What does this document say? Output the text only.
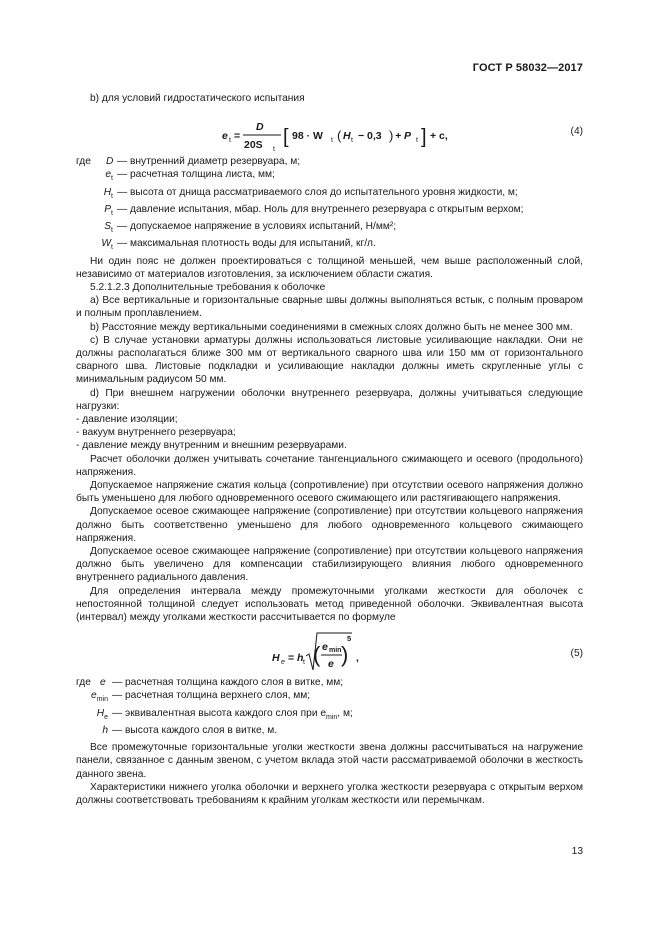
ГОСТ Р 58032—2017

b) для условий гидростатического испытания

e t =
D
20S t
[ 98 · W t ( H t − 0,3 ) + P t ] + c,	(4)
где	D — внутренний диаметр резервуара, м;
$e_t$ — расчетная толщина листа, мм;
$H_t$ — высота от днища рассматриваемого слоя до испытательного уровня жидкости, м;
$P_t$ — давление испытания, мбар. Ноль для внутреннего резервуара с открытым верхом;
$S_t$ — допускаемое напряжение в условиях испытаний, Н/мм²;
$W_t$ — максимальная плотность воды для испытаний, кг/л.

Ни один пояс не должен проектироваться с толщиной меньшей, чем выше расположенный слой, независимо от материалов изготовления, за исключением области сжатия.

5.2.1.2.3 Дополнительные требования к оболочке

a) Все вертикальные и горизонтальные сварные швы должны выполняться встык, с полным проваром и полным проплавлением.

b) Расстояние между вертикальными соединениями в смежных слоях должно быть не менее 300 мм.

c) В случае установки арматуры должны использоваться листовые усиливающие накладки. Они не должны располагаться ближе 300 мм от вертикального сварного шва или 150 мм от горизонтального сварного шва. Листовые подкладки и усиливающие накладки должны иметь скругленные углы с минимальным радиусом 50 мм.

d) При внешнем нагружении оболочки внутреннего резервуара, должны учитываться следующие нагрузки:

- давление изоляции;

- вакуум внутреннего резервуара;

- давление между внутренним и внешним резервуарами.

Расчет оболочки должен учитывать сочетание тангенциального сжимающего и осевого (продольного) напряжения.

Допускаемое напряжение сжатия кольца (сопротивление) при отсутствии осевого напряжения должно быть уменьшено для любого одновременного осевого сжимающего или растягивающего напряжения.

Допускаемое осевое сжимающее напряжение (сопротивление) при отсутствии кольцевого напряжения должно быть соответственно уменьшено для любого одновременного кольцевого сжимающего напряжения.

Допускаемое осевое сжимающее напряжение (сопротивление) при отсутствии кольцевого напряжения должно быть увеличено для компенсации стабилизирующего влияния любого одновременного внутреннего радиального давления.

Для определения интервала между промежуточными уголками жесткости для оболочек с непостоянной толщиной следует использовать метод приведенной оболочки. Эквивалентная высота (интервал) между уголками жесткости рассчитывается по формуле

H e = h t ( e min
e )
5
,	(5)
где e — расчетная толщина каждого слоя в витке, мм;
$e_{min}$ — расчетная толщина верхнего слоя, мм;
$H_e$ — эквивалентная высота каждого слоя при $e_{min}$, м;
h — высота каждого слоя в витке, м.

Все промежуточные горизонтальные уголки жесткости звена должны рассчитываться на нагружение панели, связанное с данным звеном, с учетом вклада этой части рассматриваемой оболочки в жесткость данного звена.

Характеристики нижнего уголка оболочки и верхнего уголка жесткости резервуара с открытым верхом должны соответствовать требованиям к крайним уголкам жесткости или перемычкам.

13
